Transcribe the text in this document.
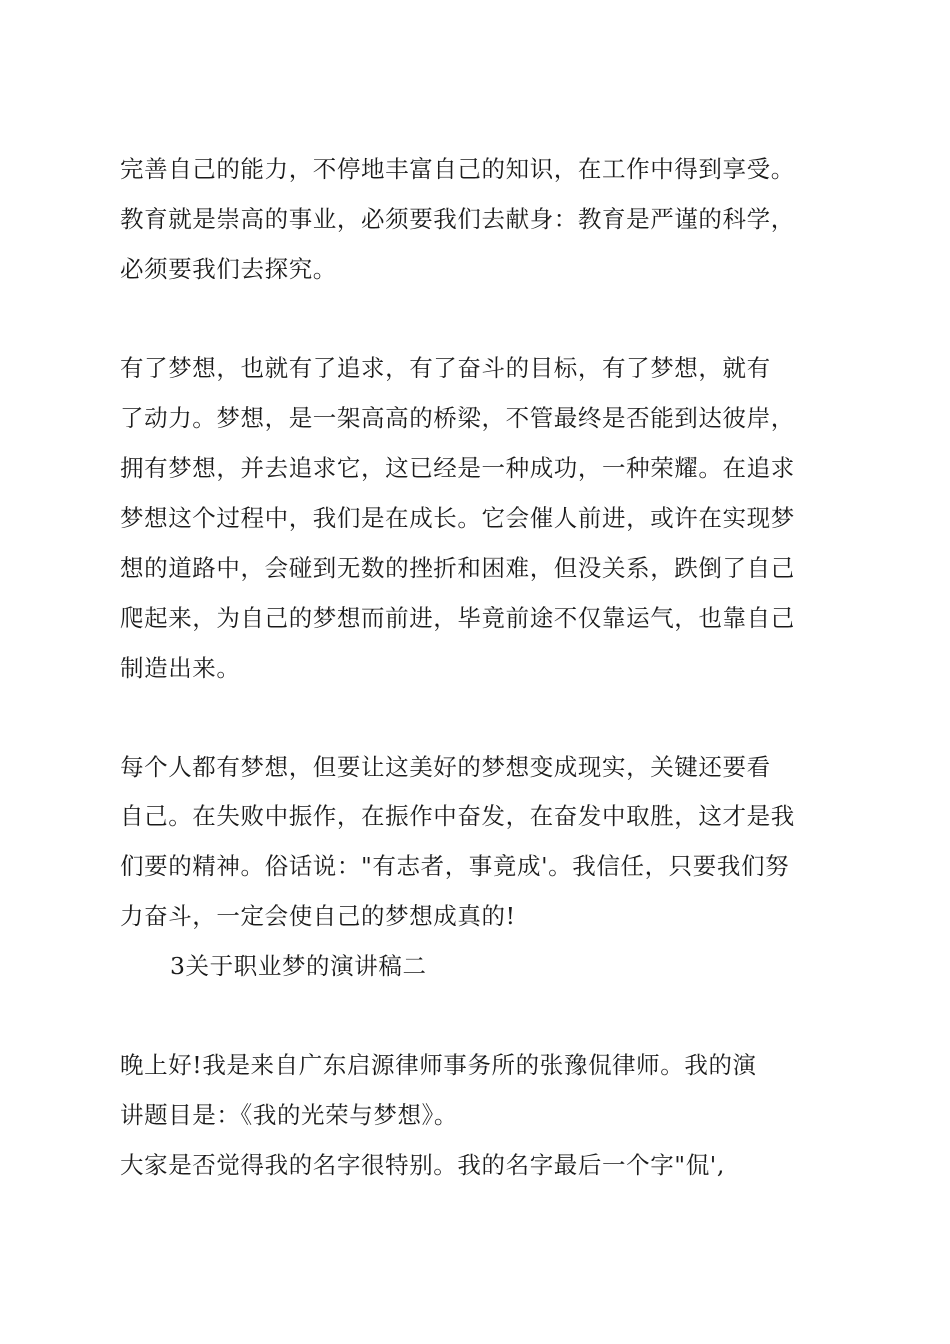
完善自己的能力，不停地丰富自己的知识，在工作中得到享受。
教育就是崇高的事业，必须要我们去献身：教育是严谨的科学，
必须要我们去探究。
有了梦想，也就有了追求，有了奋斗的目标，有了梦想，就有
了动力。梦想，是一架高高的桥梁，不管最终是否能到达彼岸，
拥有梦想，并去追求它，这已经是一种成功，一种荣耀。在追求
梦想这个过程中，我们是在成长。它会催人前进，或许在实现梦
想的道路中，会碰到无数的挫折和困难，但没关系，跌倒了自己
爬起来，为自己的梦想而前进，毕竟前途不仅靠运气，也靠自己
制造出来。
每个人都有梦想，但要让这美好的梦想变成现实，关键还要看
自己。在失败中振作，在振作中奋发，在奋发中取胜，这才是我
们要的精神。俗话说："有志者，事竟成'。我信任，只要我们努
力奋斗，一定会使自己的梦想成真的!
3关于职业梦的演讲稿二
晚上好!我是来自广东启源律师事务所的张豫侃律师。我的演
讲题目是：《我的光荣与梦想》。
大家是否觉得我的名字很特别。我的名字最后一个字"侃',
